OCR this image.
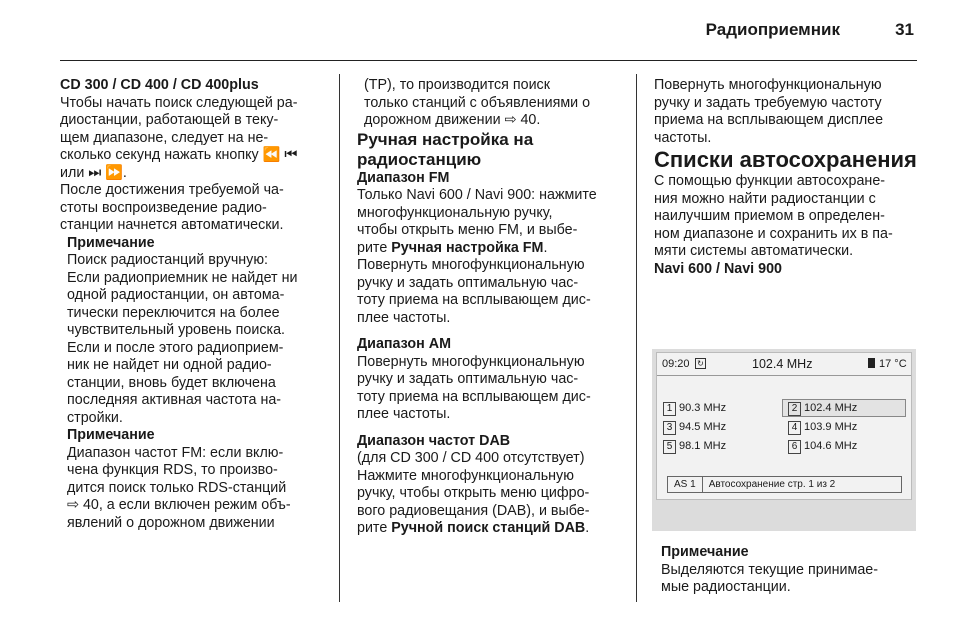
Радиоприемник	31

CD 300 / CD 400 / CD 400plus

Чтобы начать поиск следующей ра-
диостанции, работающей в теку-
щем диапазоне, следует на не-
сколько секунд нажать кнопку ⏪ ⏮
или ⏭ ⏩.

После достижения требуемой ча-
стоты воспроизведение радио-
станции начнется автоматически.

Примечание

Поиск радиостанций вручную:
Если радиоприемник не найдет ни
одной радиостанции, он автома-
тически переключится на более
чувствительный уровень поиска.
Если и после этого радиоприем-
ник не найдет ни одной радио-
станции, вновь будет включена
последняя активная частота на-
стройки.

Примечание

Диапазон частот FM: если вклю-
чена функция RDS, то произво-
дится поиск только RDS-станций
⇨ 40, а если включен режим объ-
явлений о дорожном движении

(TP), то производится поиск
только станций с объявлениями о
дорожном движении ⇨ 40.

Ручная настройка на
радиостанцию

Диапазон FM

Только Navi 600 / Navi 900: нажмите
многофункциональную ручку,
чтобы открыть меню FM, и выбе-
рите Ручная настройка FM.

Повернуть многофункциональную
ручку и задать оптимальную час-
тоту приема на всплывающем дис-
плее частоты.

Диапазон AM

Повернуть многофункциональную
ручку и задать оптимальную час-
тоту приема на всплывающем дис-
плее частоты.

Диапазон частот DAB

(для CD 300 / CD 400 отсутствует)

Нажмите многофункциональную
ручку, чтобы открыть меню цифро-
вого радиовещания (DAB), и выбе-
рите Ручной поиск станций DAB.

Повернуть многофункциональную
ручку и задать требуемую частоту
приема на всплывающем дисплее
частоты.

Списки автосохранения

С помощью функции автосохране-
ния можно найти радиостанции с
наилучшим приемом в определен-
ном диапазоне и сохранить их в па-
мяти системы автоматически.

Navi 600 / Navi 900

09:20 ↻	102.4 MHz	17 °C
1 90.3 MHz	2 102.4 MHz
3 94.5 MHz	4 103.9 MHz
5 98.1 MHz	6 104.6 MHz
AS 1 Автосохранение стр. 1 из 2

Примечание

Выделяются текущие принимае-
мые радиостанции.
